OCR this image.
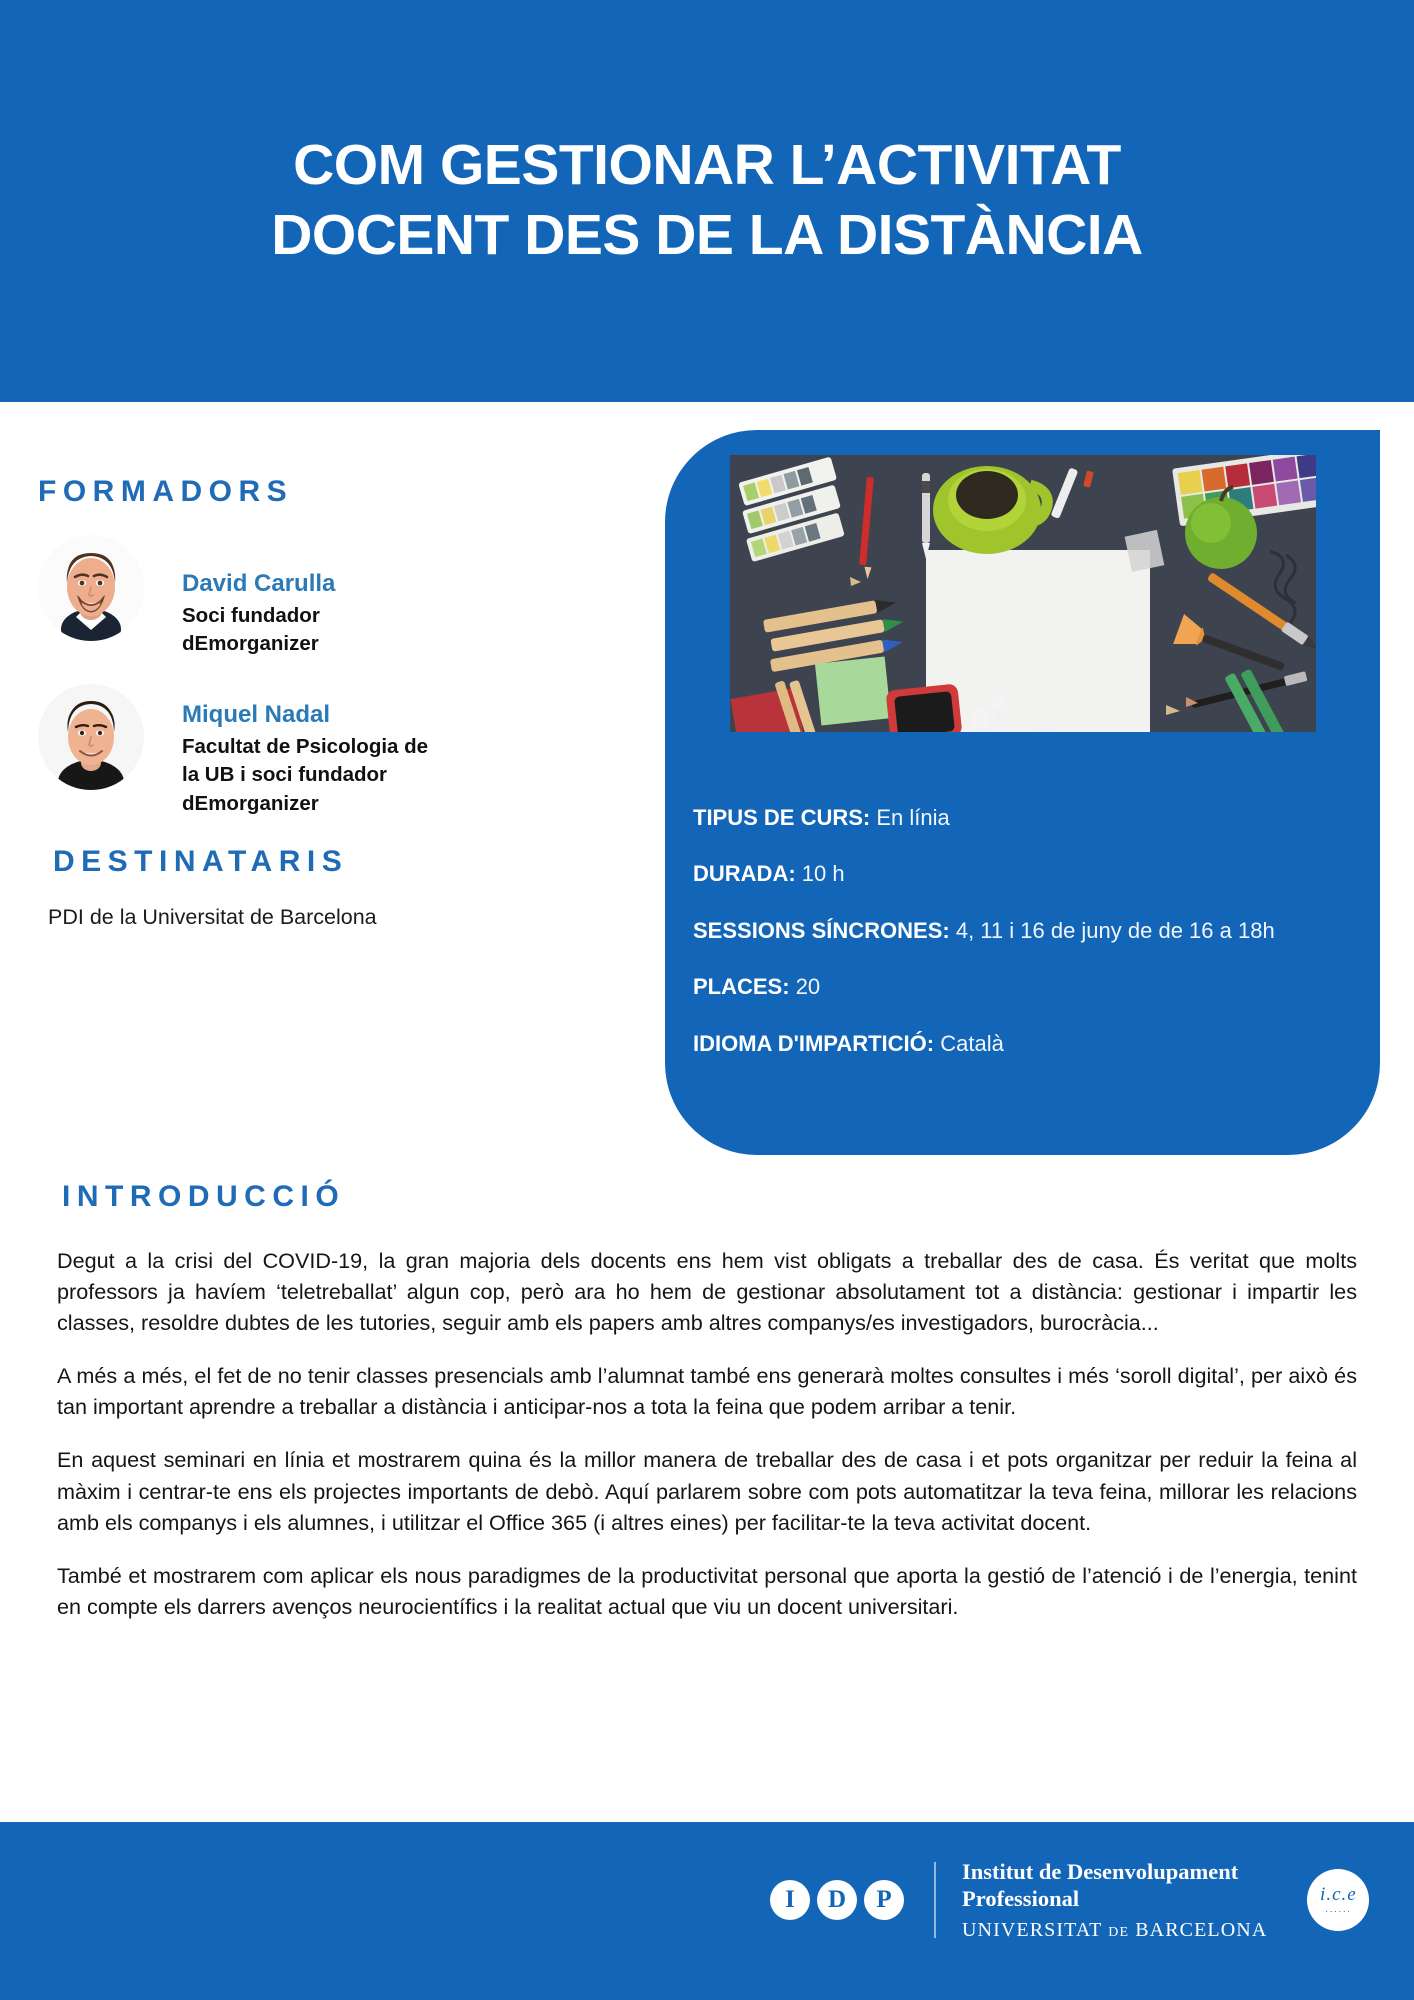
COM GESTIONAR L’ACTIVITAT
DOCENT DES DE LA DISTÀNCIA
FORMADORS
David Carulla
Soci fundador dEmorganizer
Miquel Nadal
Facultat de Psicologia de la UB i soci fundador dEmorganizer
DESTINATARIS
PDI de la Universitat de Barcelona
TIPUS DE CURS: En línia
DURADA: 10 h
SESSIONS SÍNCRONES: 4, 11 i 16 de juny de de 16 a 18h
PLACES: 20
IDIOMA D'IMPARTICIÓ: Català
INTRODUCCIÓ

Degut a la crisi del COVID-19, la gran majoria dels docents ens hem vist obligats a treballar des de casa. És veritat que molts professors ja havíem ‘teletreballat’ algun cop, però ara ho hem de gestionar absolutament tot a distància: gestionar i impartir les classes, resoldre dubtes de les tutories, seguir amb els papers amb altres companys/es investigadors, burocràcia...

A més a més, el fet de no tenir classes presencials amb l’alumnat també ens generarà moltes consultes i més ‘soroll digital’, per això és tan important aprendre a treballar a distància i anticipar-nos a tota la feina que podem arribar a tenir.

En aquest seminari en línia et mostrarem quina és la millor manera de treballar des de casa i et pots organitzar per reduir la feina al màxim i centrar-te ens els projectes importants de debò. Aquí parlarem sobre com pots automatitzar la teva feina, millorar les relacions amb els companys i els alumnes, i utilitzar el Office 365 (i altres eines) per facilitar-te la teva activitat docent.

També et mostrarem com aplicar els nous paradigmes de la productivitat personal que aporta la gestió de l’atenció i de l’energia, tenint en compte els darrers avenços neurocientífics i la realitat actual que viu un docent universitari.

I	D	P
Institut de Desenvolupament
Professional
UNIVERSITAT DE BARCELONA
i.c.e
······
